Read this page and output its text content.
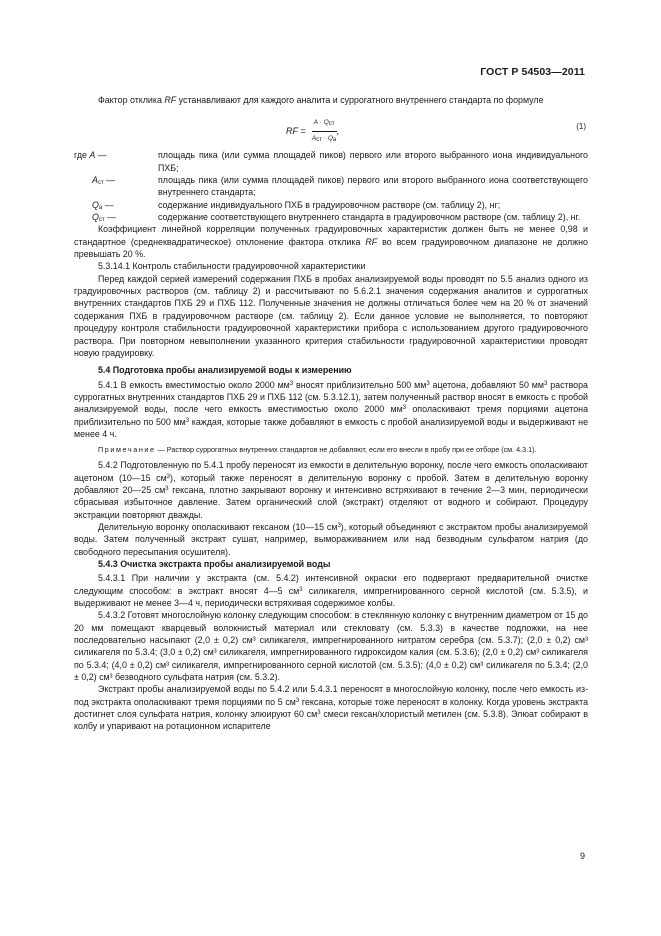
ГОСТ Р 54503—2011

Фактор отклика RF устанавливают для каждого аналита и суррогатного внутреннего стандарта по формуле

RF = $\frac{A \cdot Q_{ст}}{A_{ст} \cdot Q_а}$ ,	(1)

где A —	площадь пика (или сумма площадей пиков) первого или второго выбранного иона индивидуального ПХБ;

$A_{ст}$ —	площадь пика (или сумма площадей пиков) первого или второго выбранного иона соответствующего внутреннего стандарта;

$Q_а$ —	содержание индивидуального ПХБ в градуировочном растворе (см. таблицу 2), нг;

$Q_{ст}$ —	содержание соответствующего внутреннего стандарта в градуировочном растворе (см. таблицу 2), нг.

Коэффициент линейной корреляции полученных градуировочных характеристик должен быть не менее 0,98 и стандартное (среднеквадратическое) отклонение фактора отклика RF во всем градуировочном диапазоне не должно превышать 20 %.

5.3.14.1 Контроль стабильности градуировочной характеристики

Перед каждой серией измерений содержания ПХБ в пробах анализируемой воды проводят по 5.5 анализ одного из градуировочных растворов (см. таблицу 2) и рассчитывают по 5.6.2.1 значения содержания аналитов и суррогатных внутренних стандартов ПХБ 29 и ПХБ 112. Полученные значения не должны отличаться более чем на 20 % от значений содержания ПХБ в градуировочном растворе (см. таблицу 2). Если данное условие не выполняется, то повторяют процедуру контроля стабильности градуировочной характеристики прибора с использованием другого градуировочного раствора. При повторном невыполнении указанного критерия стабильности градуировочной характеристики проводят новую градуировку.

5.4 Подготовка пробы анализируемой воды к измерению

5.4.1 В емкость вместимостью около 2000 $мм^3$ вносят приблизительно 500 $мм^3$ ацетона, добавляют 50 $мм^3$ раствора суррогатных внутренних стандартов ПХБ 29 и ПХБ 112 (см. 5.3.12.1), затем полученный раствор вносят в емкость с пробой анализируемой воды, после чего емкость вместимостью около 2000 $мм^3$ ополаскивают тремя порциями ацетона приблизительно по 500 $мм^3$ каждая, которые также добавляют в емкость с пробой анализируемой воды и выдерживают не менее 4 ч.

Примечание — Раствор суррогатных внутренних стандартов не добавляют, если его внесли в пробу при ее отборе (см. 4.3.1).

5.4.2 Подготовленную по 5.4.1 пробу переносят из емкости в делительную воронку, после чего емкость ополаскивают ацетоном (10—15 $см^3$), который также переносят в делительную воронку с пробой. Затем в делительную воронку добавляют 20—25 $см^3$ гексана, плотно закрывают воронку и интенсивно встряхивают в течение 2—3 мин, периодически сбрасывая избыточное давление. Затем органический слой (экстракт) отделяют от водного и собирают. Процедуру экстракции повторяют дважды.

Делительную воронку ополаскивают гексаном (10—15 $см^3$), который объединяют с экстрактом пробы анализируемой воды. Затем полученный экстракт сушат, например, вымораживанием или над безводным сульфатом натрия (до свободного пересыпания осушителя).

5.4.3 Очистка экстракта пробы анализируемой воды

5.4.3.1 При наличии у экстракта (см. 5.4.2) интенсивной окраски его подвергают предварительной очистке следующим способом: в экстракт вносят 4—5 $см^3$ силикагеля, импрегнированного серной кислотой (см. 5.3.5), и выдерживают не менее 3—4 ч, периодически встряхивая содержимое колбы.

5.4.3.2 Готовят многослойную колонку следующим способом: в стеклянную колонку с внутренним диаметром от 15 до 20 мм помещают кварцевый волокнистый материал или стекловату (см. 5.3.3) в качестве подложки, на нее последовательно насыпают (2,0 ± 0,2) см³ силикагеля, импрегнированного нитратом серебра (см. 5.3.7); (2,0 ± 0,2) см³ силикагеля по 5.3.4; (3,0 ± 0,2) см³ силикагеля, импрегнированного гидроксидом калия (см. 5.3.6); (2,0 ± 0,2) см³ силикагеля по 5.3.4; (4,0 ± 0,2) см³ силикагеля, импрегнированного серной кислотой (см. 5.3.5); (4,0 ± 0,2) см³ силикагеля по 5.3.4; (2,0 ± 0,2) см³ безводного сульфата натрия (см. 5.3.2).

Экстракт пробы анализируемой воды по 5.4.2 или 5.4.3.1 переносят в многослойную колонку, после чего емкость из-под экстракта ополаскивают тремя порциями по 5 $см^3$ гексана, которые тоже переносят в колонку. Когда уровень экстракта достигнет слоя сульфата натрия, колонку элюируют 60 $см^3$ смеси гексан/хлористый метилен (см. 5.3.8). Элюат собирают в колбу и упаривают на ротационном испарителе

9
